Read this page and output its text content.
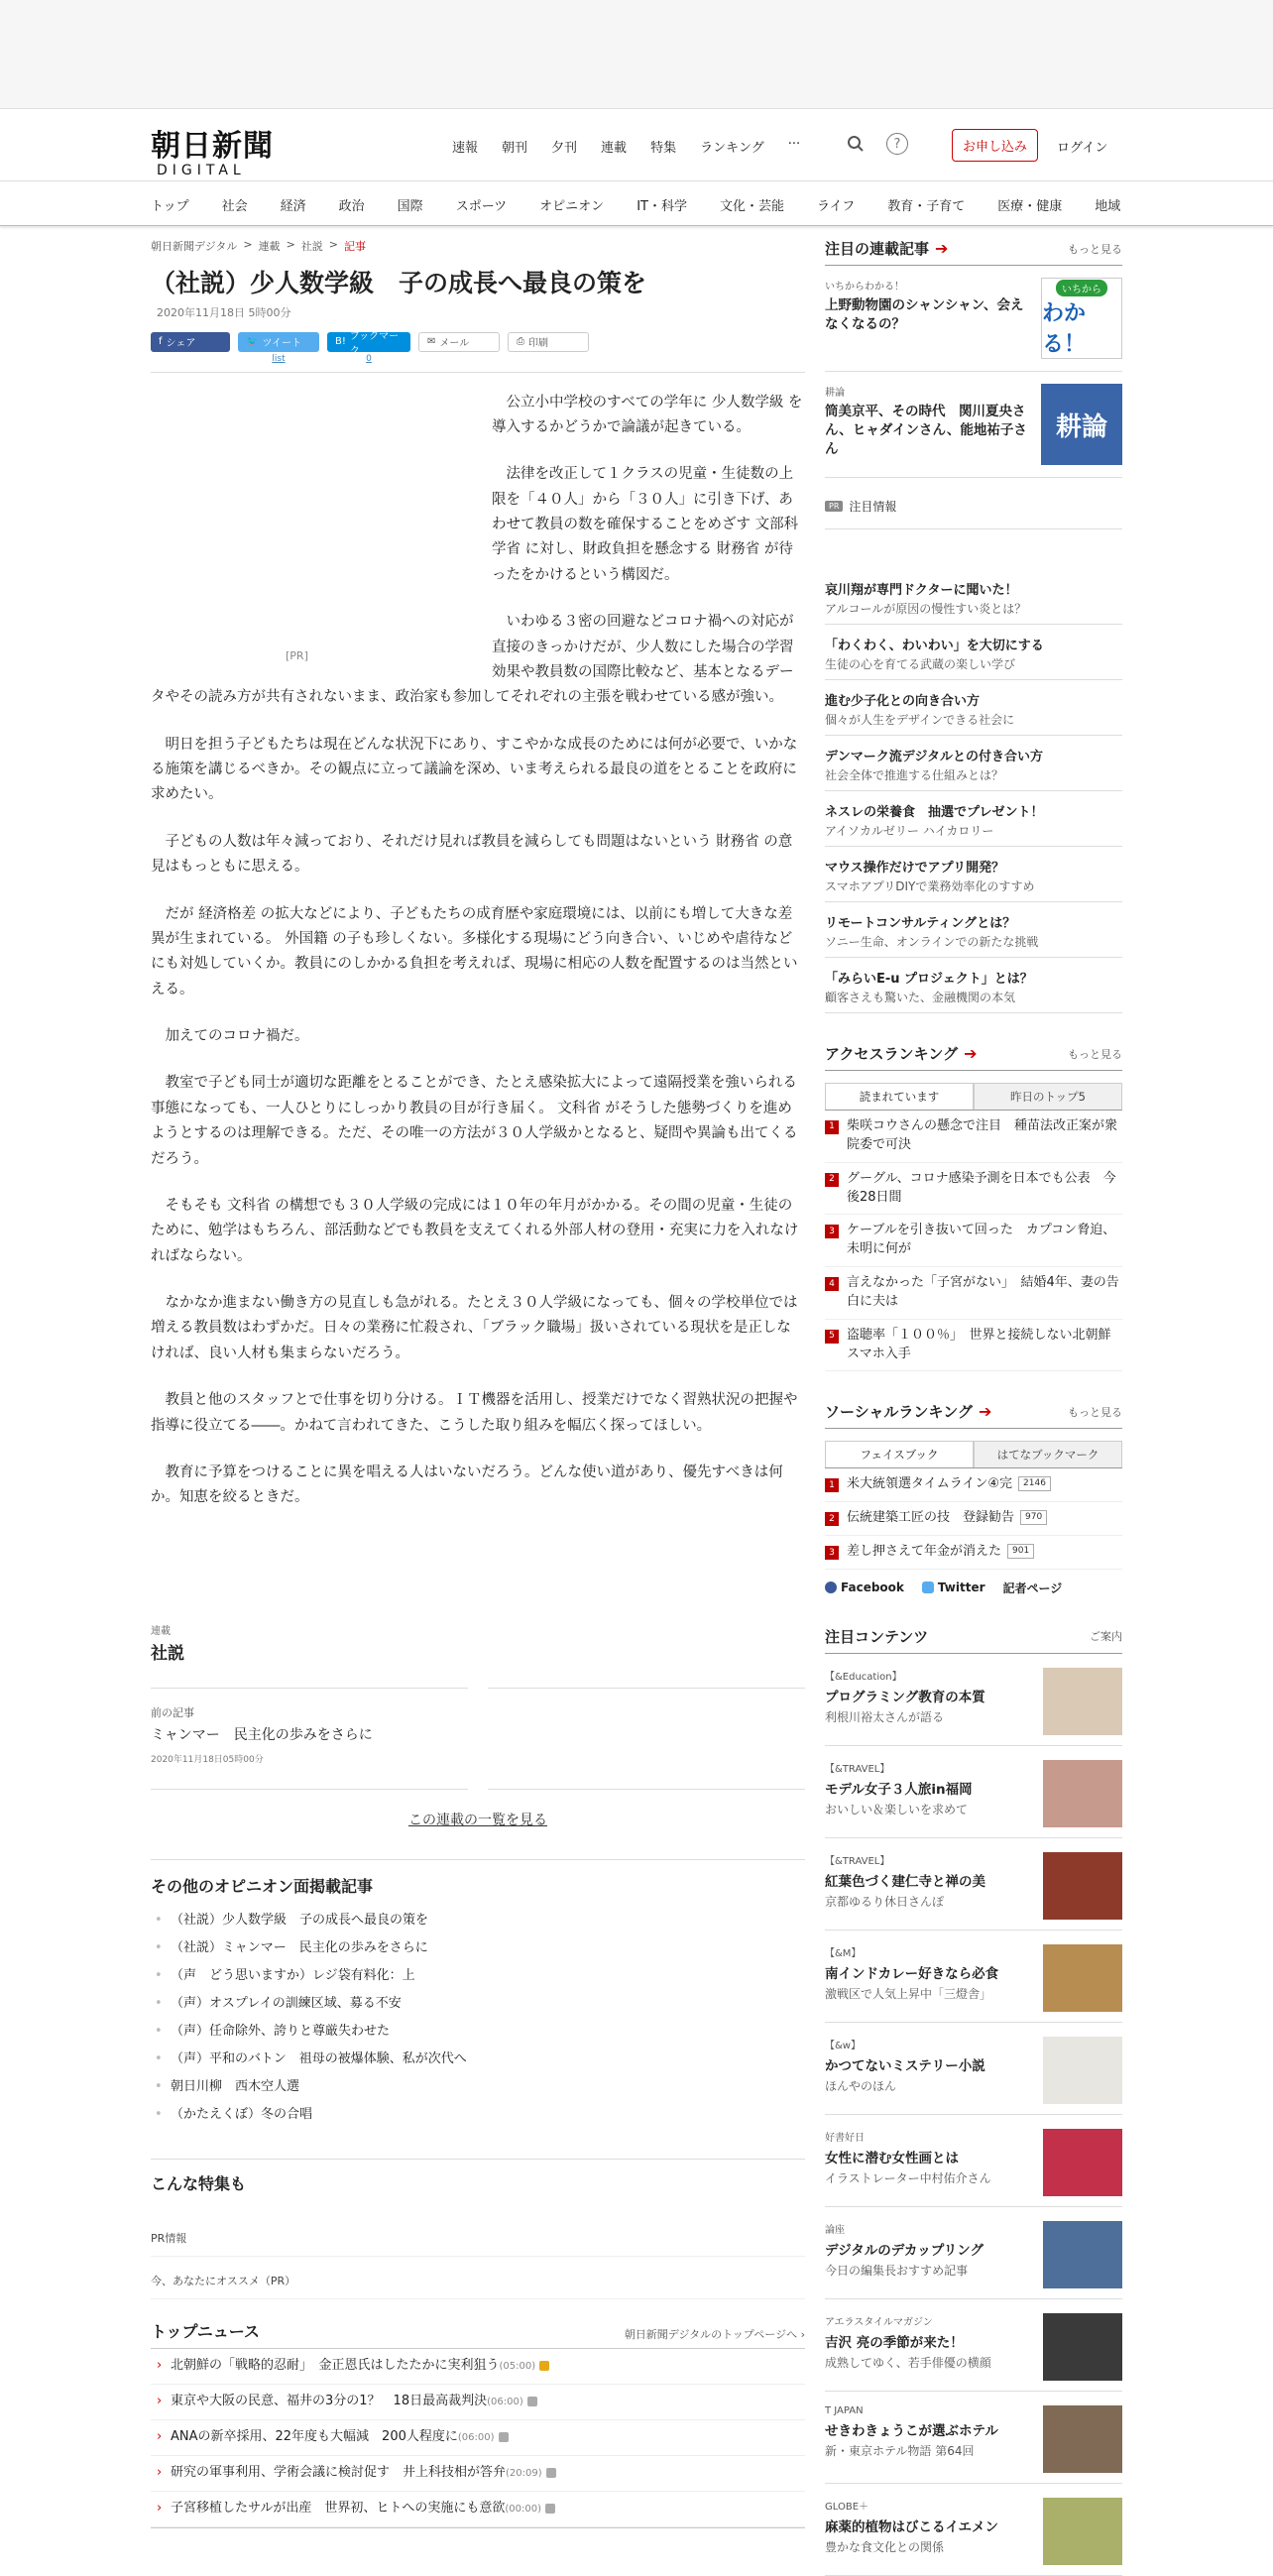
朝日新聞
DIGITAL
速報 朝刊 夕刊 連載 特集 ランキング ···	?	お申し込み	ログイン
トップ	社会	経済	政治	国際	スポーツ	オピニオン	IT・科学	文化・芸能	ライフ	教育・子育て	医療・健康	地域
朝日新聞デジタル > 連載 > 社説 > 記事
（社説）少人数学級　子の成長へ最良の策を
2020年11月18日 5時00分
f シェア	🐦 ツイート
list
B! ブックマーク
0
✉ メール	⎙ 印刷
[PR]

公立小中学校のすべての学年に 少人数学級 を導入するかどうかで論議が起きている。

法律を改正して１クラスの児童・生徒数の上限を「４０人」から「３０人」に引き下げ、あわせて教員の数を確保することをめざす 文部科学省 に対し、財政負担を懸念する 財務省 が待ったをかけるという構図だ。

いわゆる３密の回避などコロナ禍への対応が直接のきっかけだが、少人数にした場合の学習効果や教員数の国際比較など、基本となるデータやその読み方が共有されないまま、政治家も参加してそれぞれの主張を戦わせている感が強い。

明日を担う子どもたちは現在どんな状況下にあり、すこやかな成長のためには何が必要で、いかなる施策を講じるべきか。その観点に立って議論を深め、いま考えられる最良の道をとることを政府に求めたい。

子どもの人数は年々減っており、それだけ見れば教員を減らしても問題はないという 財務省 の意見はもっともに思える。

だが 経済格差 の拡大などにより、子どもたちの成育歴や家庭環境には、以前にも増して大きな差異が生まれている。 外国籍 の子も珍しくない。多様化する現場にどう向き合い、いじめや虐待などにも対処していくか。教員にのしかかる負担を考えれば、現場に相応の人数を配置するのは当然といえる。

加えてのコロナ禍だ。

教室で子ども同士が適切な距離をとることができ、たとえ感染拡大によって遠隔授業を強いられる事態になっても、一人ひとりにしっかり教員の目が行き届く。 文科省 がそうした態勢づくりを進めようとするのは理解できる。ただ、その唯一の方法が３０人学級かとなると、疑問や異論も出てくるだろう。

そもそも 文科省 の構想でも３０人学級の完成には１０年の年月がかかる。その間の児童・生徒のために、勉学はもちろん、部活動などでも教員を支えてくれる外部人材の登用・充実に力を入れなければならない。

なかなか進まない働き方の見直しも急がれる。たとえ３０人学級になっても、個々の学校単位では増える教員数はわずかだ。日々の業務に忙殺され、「ブラック職場」扱いされている現状を是正しなければ、良い人材も集まらないだろう。

教員と他のスタッフとで仕事を切り分ける。ＩＴ機器を活用し、授業だけでなく習熟状況の把握や指導に役立てる――。かねて言われてきた、こうした取り組みを幅広く探ってほしい。

教育に予算をつけることに異を唱える人はいないだろう。どんな使い道があり、優先すべきは何か。知恵を絞るときだ。

連載
社説
前の記事
ミャンマー　民主化の歩みをさらに
2020年11月18日05時00分
この連載の一覧を見る
その他のオピニオン面掲載記事
• （社説）少人数学級　子の成長へ最良の策を
• （社説）ミャンマー　民主化の歩みをさらに
• （声　どう思いますか）レジ袋有料化：上
• （声）オスプレイの訓練区域、募る不安
• （声）任命除外、誇りと尊厳失わせた
• （声）平和のバトン　祖母の被爆体験、私が次代へ
• 朝日川柳　西木空人選
• （かたえくぼ）冬の合唱
こんな特集も
PR情報
今、あなたにオススメ（PR）
トップニュース	朝日新聞デジタルのトップページへ ›
› 北朝鮮の「戦略的忍耐」　金正恩氏はしたたかに実利狙う(05:00)
› 東京や大阪の民意、福井の3分の1？　18日最高裁判決(06:00)
› ANAの新卒採用、22年度も大幅減　200人程度に(06:00)
› 研究の軍事利用、学術会議に検討促す　井上科技相が答弁(20:09)
› 子宮移植したサルが出産　世界初、ヒトへの実施にも意欲(00:00)
注目の連載記事 ➔	もっと見る
いちからわかる！
上野動物園のシャンシャン、会えなくなるの？
いちから
わかる！
耕論
筒美京平、その時代　関川夏央さん、ヒャダインさん、能地祐子さん
耕論
PR 注目情報
哀川翔が専門ドクターに聞いた！
アルコールが原因の慢性すい炎とは？
「わくわく、わいわい」を大切にする
生徒の心を育てる武蔵の楽しい学び
進む少子化との向き合い方
個々が人生をデザインできる社会に
デンマーク流デジタルとの付き合い方
社会全体で推進する仕組みとは？
ネスレの栄養食　抽選でプレゼント！
アイソカルゼリー ハイカロリー
マウス操作だけでアプリ開発？
スマホアプリDIYで業務効率化のすすめ
リモートコンサルティングとは？
ソニー生命、オンラインでの新たな挑戦
「みらいE-u プロジェクト」とは？
顧客さえも驚いた、金融機関の本気
アクセスランキング ➔	もっと見る
読まれています	昨日のトップ5
1 柴咲コウさんの懸念で注目　種苗法改正案が衆院委で可決
2 グーグル、コロナ感染予測を日本でも公表　今後28日間
3 ケーブルを引き抜いて回った　カプコン脅迫、未明に何が
4 言えなかった「子宮がない」　結婚4年、妻の告白に夫は
5 盗聴率「１００％」　世界と接続しない北朝鮮スマホ入手
ソーシャルランキング ➔	もっと見る
フェイスブック	はてなブックマーク
1 米大統領選タイムライン④完 2146
2 伝統建築工匠の技　登録勧告 970
3 差し押さえて年金が消えた 901
Facebook	Twitter 記者ページ
注目コンテンツ	ご案内
【&Education】
プログラミング教育の本質
利根川裕太さんが語る
【&TRAVEL】
モデル女子３人旅in福岡
おいしい＆楽しいを求めて
【&TRAVEL】
紅葉色づく建仁寺と禅の美
京都ゆるり休日さんぽ
【&M】
南インドカレー好きなら必食
激戦区で人気上昇中「三燈舎」
【&w】
かつてないミステリー小説
ほんやのほん
好書好日
女性に潜む女性画とは
イラストレーター中村佑介さん
論座
デジタルのデカップリング
今日の編集長おすすめ記事
アエラスタイルマガジン
吉沢 亮の季節が来た！
成熟してゆく、若手俳優の横顔
T JAPAN
せきわきょうこが選ぶホテル
新・東京ホテル物語 第64回
GLOBE＋
麻薬的植物はびこるイエメン
豊かな食文化との関係
